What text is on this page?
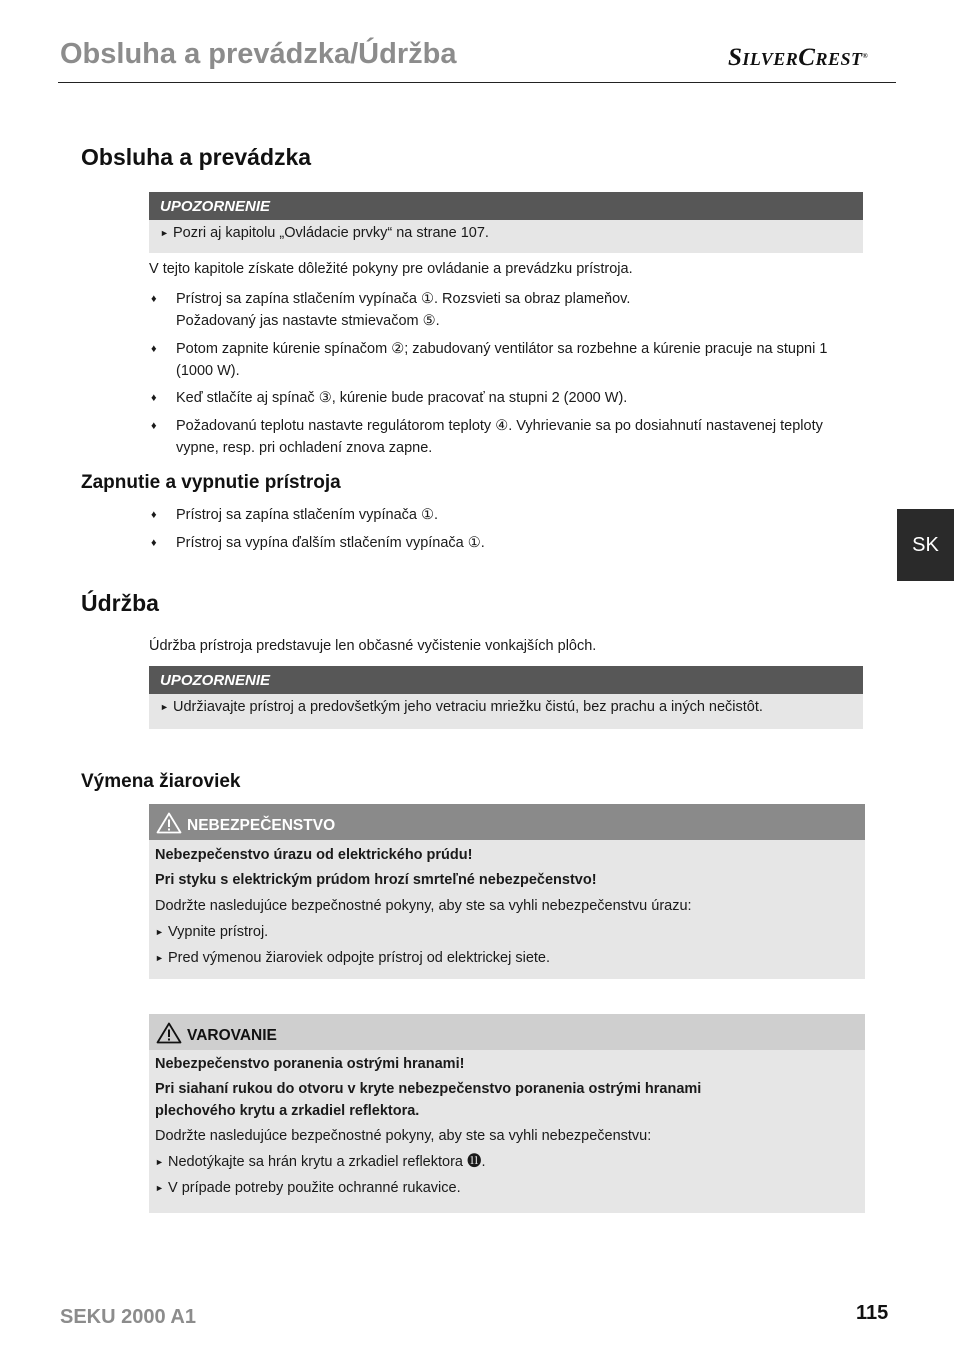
Obsluha a prevádzka/Údržba	SILVERCREST®
SK
Obsluha a prevádzka
UPOZORNENIE
► Pozri aj kapitolu „Ovládacie prvky“ na strane 107.
V tejto kapitole získate dôležité pokyny pre ovládanie a prevádzku prístroja.
♦ Prístroj sa zapína stlačením vypínača ①. Rozsvieti sa obraz plameňov.
Požadovaný jas nastavte stmievačom ⑤.
♦ Potom zapnite kúrenie spínačom ②; zabudovaný ventilátor sa rozbehne a kúrenie pracuje na stupni 1
(1000 W).
♦ Keď stlačíte aj spínač ③, kúrenie bude pracovať na stupni 2 (2000 W).
♦ Požadovanú teplotu nastavte regulátorom teploty ④. Vyhrievanie sa po dosiahnutí nastavenej teploty
vypne, resp. pri ochladení znova zapne.
Zapnutie a vypnutie prístroja
♦ Prístroj sa zapína stlačením vypínača ①.
♦ Prístroj sa vypína ďalším stlačením vypínača ①.
Údržba
Údržba prístroja predstavuje len občasné vyčistenie vonkajších plôch.
UPOZORNENIE
► Udržiavajte prístroj a predovšetkým jeho vetraciu mriežku čistú, bez prachu a iných nečistôt.
Výmena žiaroviek
NEBEZPEČENSTVO
Nebezpečenstvo úrazu od elektrického prúdu!
Pri styku s elektrickým prúdom hrozí smrteľné nebezpečenstvo!
Dodržte nasledujúce bezpečnostné pokyny, aby ste sa vyhli nebezpečenstvu úrazu:
► Vypnite prístroj.
► Pred výmenou žiaroviek odpojte prístroj od elektrickej siete.
VAROVANIE
Nebezpečenstvo poranenia ostrými hranami!
Pri siahaní rukou do otvoru v kryte nebezpečenstvo poranenia ostrými hranami
plechového krytu a zrkadiel reflektora.
Dodržte nasledujúce bezpečnostné pokyny, aby ste sa vyhli nebezpečenstvu:
► Nedotýkajte sa hrán krytu a zrkadiel reflektora ⓫.
► V prípade potreby použite ochranné rukavice.
SEKU 2000 A1	115
